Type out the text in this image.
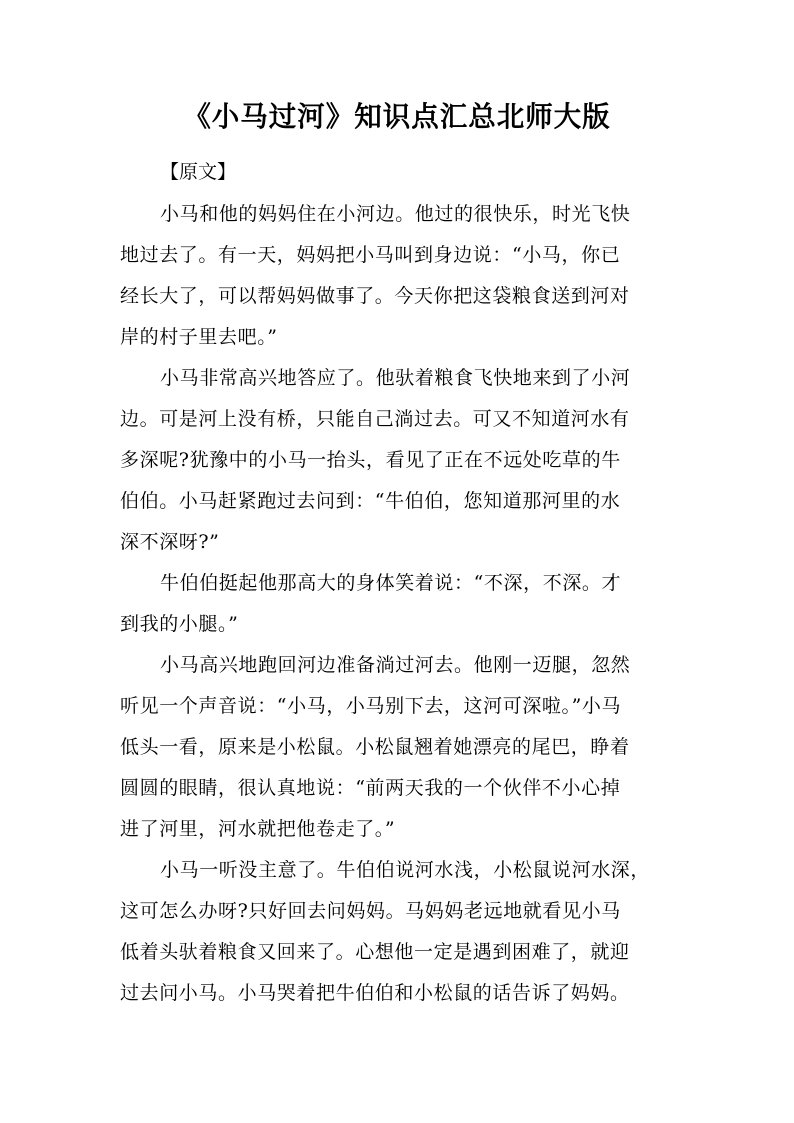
《小马过河》知识点汇总北师大版
【原文】
小马和他的妈妈住在小河边。他过的很快乐，时光飞快
地过去了。有一天，妈妈把小马叫到身边说：“小马，你已
经长大了，可以帮妈妈做事了。今天你把这袋粮食送到河对
岸的村子里去吧。”
小马非常高兴地答应了。他驮着粮食飞快地来到了小河
边。可是河上没有桥，只能自己淌过去。可又不知道河水有
多深呢?犹豫中的小马一抬头，看见了正在不远处吃草的牛
伯伯。小马赶紧跑过去问到：“牛伯伯，您知道那河里的水
深不深呀?”
牛伯伯挺起他那高大的身体笑着说：“不深，不深。才
到我的小腿。”
小马高兴地跑回河边准备淌过河去。他刚一迈腿，忽然
听见一个声音说：“小马，小马别下去，这河可深啦。”小马
低头一看，原来是小松鼠。小松鼠翘着她漂亮的尾巴，睁着
圆圆的眼睛，很认真地说：“前两天我的一个伙伴不小心掉
进了河里，河水就把他卷走了。”
小马一听没主意了。牛伯伯说河水浅，小松鼠说河水深，
这可怎么办呀?只好回去问妈妈。马妈妈老远地就看见小马
低着头驮着粮食又回来了。心想他一定是遇到困难了，就迎
过去问小马。小马哭着把牛伯伯和小松鼠的话告诉了妈妈。
